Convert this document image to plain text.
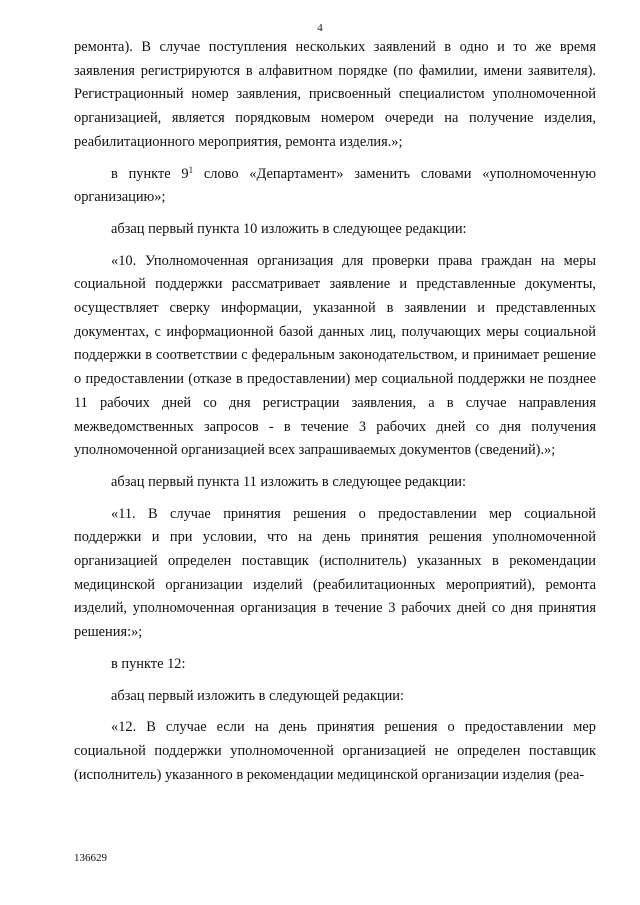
4

ремонта). В случае поступления нескольких заявлений в одно и то же время заявления регистрируются в алфавитном порядке (по фамилии, имени заявителя). Регистрационный номер заявления, присвоенный специалистом уполномоченной организацией, является порядковым номером очереди на получение изделия, реабилитационного мероприятия, ремонта изделия.»;

в пункте $9^1$ слово «Департамент» заменить словами «уполномоченную организацию»;

абзац первый пункта 10 изложить в следующее редакции:

«10. Уполномоченная организация для проверки права граждан на меры социальной поддержки рассматривает заявление и представленные документы, осуществляет сверку информации, указанной в заявлении и представленных документах, с информационной базой данных лиц, получающих меры социальной поддержки в соответствии с федеральным законодательством, и принимает решение о предоставлении (отказе в предоставлении) мер социальной поддержки не позднее 11 рабочих дней со дня регистрации заявления, а в случае направления межведомственных запросов - в течение 3 рабочих дней со дня получения уполномоченной организацией всех запрашиваемых документов (сведений).»;

абзац первый пункта 11 изложить в следующее редакции:

«11. В случае принятия решения о предоставлении мер социальной поддержки и при условии, что на день принятия решения уполномоченной организацией определен поставщик (исполнитель) указанных в рекомендации медицинской организации изделий (реабилитационных мероприятий), ремонта изделий, уполномоченная организация в течение 3 рабочих дней со дня принятия решения:»;

в пункте 12:

абзац первый изложить в следующей редакции:

«12. В случае если на день принятия решения о предоставлении мер социальной поддержки уполномоченной организацией не определен поставщик (исполнитель) указанного в рекомендации медицинской организации изделия (реа-

136629
